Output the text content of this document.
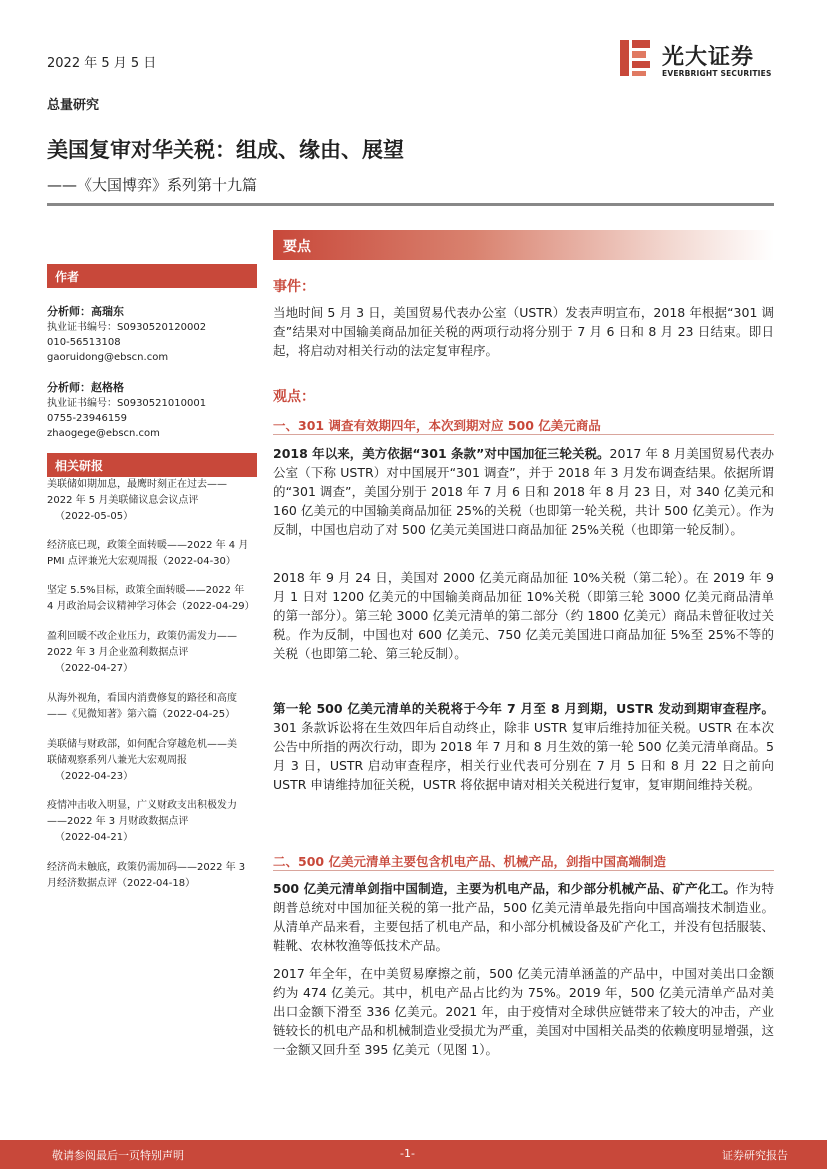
2022 年 5 月 5 日	光大证券
EVERBRIGHT SECURITIES
总量研究
美国复审对华关税：组成、缘由、展望
——《大国博弈》系列第十九篇
要点
作者
分析师：高瑞东
执业证书编号：S0930520120002
010-56513108
gaoruidong@ebscn.com
分析师：赵格格
执业证书编号：S0930521010001
0755-23946159
zhaogege@ebscn.com
相关研报
美联储如期加息，最鹰时刻正在过去——
2022 年 5 月美联储议息会议点评
（2022-05-05）
经济底已现，政策全面转暖——2022 年 4 月
PMI 点评兼光大宏观周报（2022-04-30）
坚定 5.5%目标，政策全面转暖——2022 年
4 月政治局会议精神学习体会（2022-04-29）
盈利回暖不改企业压力，政策仍需发力——
2022 年 3 月企业盈利数据点评
（2022-04-27）
从海外视角，看国内消费修复的路径和高度
——《见微知著》第六篇（2022-04-25）
美联储与财政部，如何配合穿越危机——美
联储观察系列八兼光大宏观周报
（2022-04-23）
疫情冲击收入明显，广义财政支出积极发力
——2022 年 3 月财政数据点评
（2022-04-21）
经济尚未触底，政策仍需加码——2022 年 3
月经济数据点评（2022-04-18）
事件：

当地时间 5 月 3 日，美国贸易代表办公室（USTR）发表声明宣布，2018 年根据“301 调查”结果对中国输美商品加征关税的两项行动将分别于 7 月 6 日和 8 月 23 日结束。即日起，将启动对相关行动的法定复审程序。

观点：
一、301 调查有效期四年，本次到期对应 500 亿美元商品

2018 年以来，美方依据“301 条款”对中国加征三轮关税。2017 年 8 月美国贸易代表办公室（下称 USTR）对中国展开“301 调查”，并于 2018 年 3 月发布调查结果。依据所谓的“301 调查”，美国分别于 2018 年 7 月 6 日和 2018 年 8 月 23 日，对 340 亿美元和 160 亿美元的中国输美商品加征 25%的关税（也即第一轮关税，共计 500 亿美元）。作为反制，中国也启动了对 500 亿美元美国进口商品加征 25%关税（也即第一轮反制）。

2018 年 9 月 24 日，美国对 2000 亿美元商品加征 10%关税（第二轮）。在 2019 年 9 月 1 日对 1200 亿美元的中国输美商品加征 10%关税（即第三轮 3000 亿美元商品清单的第一部分）。第三轮 3000 亿美元清单的第二部分（约 1800 亿美元）商品未曾征收过关税。作为反制，中国也对 600 亿美元、750 亿美元美国进口商品加征 5%至 25%不等的关税（也即第二轮、第三轮反制）。

第一轮 500 亿美元清单的关税将于今年 7 月至 8 月到期，USTR 发动到期审查程序。301 条款诉讼将在生效四年后自动终止，除非 USTR 复审后维持加征关税。USTR 在本次公告中所指的两次行动，即为 2018 年 7 月和 8 月生效的第一轮 500 亿美元清单商品。5 月 3 日，USTR 启动审查程序，相关行业代表可分别在 7 月 5 日和 8 月 22 日之前向 USTR 申请维持加征关税，USTR 将依据申请对相关关税进行复审，复审期间维持关税。

二、500 亿美元清单主要包含机电产品、机械产品，剑指中国高端制造

500 亿美元清单剑指中国制造，主要为机电产品，和少部分机械产品、矿产化工。作为特朗普总统对中国加征关税的第一批产品，500 亿美元清单最先指向中国高端技术制造业。从清单产品来看，主要包括了机电产品，和小部分机械设备及矿产化工，并没有包括服装、鞋靴、农林牧渔等低技术产品。

2017 年全年，在中美贸易摩擦之前，500 亿美元清单涵盖的产品中，中国对美出口金额约为 474 亿美元。其中，机电产品占比约为 75%。2019 年，500 亿美元清单产品对美出口金额下滑至 336 亿美元。2021 年，由于疫情对全球供应链带来了较大的冲击，产业链较长的机电产品和机械制造业受损尤为严重，美国对中国相关品类的依赖度明显增强，这一金额又回升至 395 亿美元（见图 1）。

敬请参阅最后一页特别声明	-1-	证券研究报告
